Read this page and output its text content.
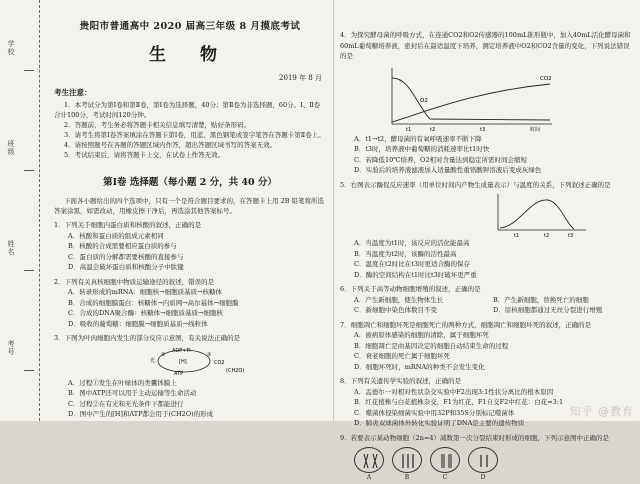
学校
班级
姓名
考号
贵阳市普通高中 2020 届高三年级 8 月摸底考试
生 物
2019 年 8 月
考生注意：

1．本考试分为第Ⅰ卷和第Ⅱ卷，第Ⅰ卷为选择题，40分；第Ⅱ卷为非选择题，60分。Ⅰ、Ⅱ卷合计100分，考试时间120分钟。

2．答题前，考生务必将答题卡相关信息填写清楚，贴好条形码。

3．请考生将第Ⅰ卷答案填涂在答题卡第Ⅰ卷，用蓝、黑色钢笔或签字笔答在答题卡第Ⅱ卷上。

4．请按照题号在各题的答题区域内作答，超出答题区域书写的答案无效。

5．考试结束后，请将答题卡上交，在试卷上作答无效。

第Ⅰ卷 选择题（每小题 2 分，共 40 分）
下面各小题给出的四个选项中，只有一个是符合题目要求的，在答题卡上用 2B 铅笔将所选答案涂黑，如需改动，用橡皮擦干净后，再选涂其他答案标号。
1．下列关于细胞内蛋白质和核酸的叙述，正确的是
A．核酸和蛋白质的组成元素相同
B．核酸的合成需要相应蛋白质的参与
C．蛋白质的分解都需要核酸的直接参与
D．高温会破坏蛋白质和核酸分子中肽键
2．下列有关真核细胞中物质运输途径的叙述，错误的是
A．转录形成的mRNA：细胞核→细胞质基质→核糖体
B．合成的细胞膜蛋白：核糖体→内质网→高尔基体→细胞膜
C．合成的DNA聚合酶：核糖体→细胞质基质→细胞核
D．吸收的葡萄糖：细胞膜→细胞质基质→线粒体
3．下图为叶肉细胞内发生的部分反应示意图，有关说法正确的是
ADP+Pi
ATP
光
①	②
[H]	CO2
(CH2O)
A．过程①发生在叶绿体的类囊体膜上
B．图中ATP还可以用于主动运输等生命活动
C．过程②在有光和无光条件下都能进行
D．图中产生的[H]和ATP都会用于(CH2O)的形成
4．为探究酵母菌的呼吸方式，在连通CO2和O2传感器的100mL锥形瓶中，加入40mL活化酵母菌和60mL葡萄糖培养液，密封后在最适温度下培养，测定培养液中O2和CO2含量的变化，下列说法错误的是
CO2
O2
t1	t2	t3	时间
A．t1→t2，酵母菌的有氧呼吸速率不断下降
B．t3时，培养液中葡萄糖的消耗速率比t1时快
C．若降低10℃培养，O2相对含量达到稳定所需时间会缩短
D．实验后的培养液滤液加入适量酸性重铬酸钾溶液后变成灰绿色
5．右图表示酶促反应速率（用单位时间内产物生成量表示）与温度的关系，下列叙述正确的是
t1	t2	t3
A．当温度为t1时，该反应的活化能最高
B．当温度为t2时，该酶的活性最高
C．温度在t2时比在t3时更适合酶的保存
D．酶的空间结构在t1时比t3时破坏更严重
6．下列关于高等动物细胞增殖的叙述，正确的是
A．产生新细胞，使生物体生长	B．产生新细胞，替换死亡的细胞
C．新细胞中染色体数目不变	D．原核细胞都通过无丝分裂进行增殖
7．细胞凋亡和细胞坏死是细胞死亡的两种方式，细胞凋亡和细胞坏死的叙述，正确的是
A．被病原体感染的细胞的清除，属于细胞坏死
B．细胞凋亡是由基因决定的细胞自动结束生命的过程
C．衰老细胞的死亡属于细胞坏死
D．细胞坏死时，mRNA的种类不会发生变化
8．下列有关遗传学实验的叙述，正确的是
A．孟德尔一对相对性状杂交实验中F2出现3:1性状分离比的根本原因
B．红花植株与白花植株杂交，F1为红花，F1自交F2中红花：白花=3:1
C．噬菌体侵染细菌实验中用32P和35S分别标记噬菌体
D．肺炎双球菌体外转化实验证明了DNA是主要的遗传物质
9．若要表示某动物细胞（2n=4）减数第一次分裂结束时形成的细胞，下列示意图中正确的是
A	B	C	D
知乎 @教育
